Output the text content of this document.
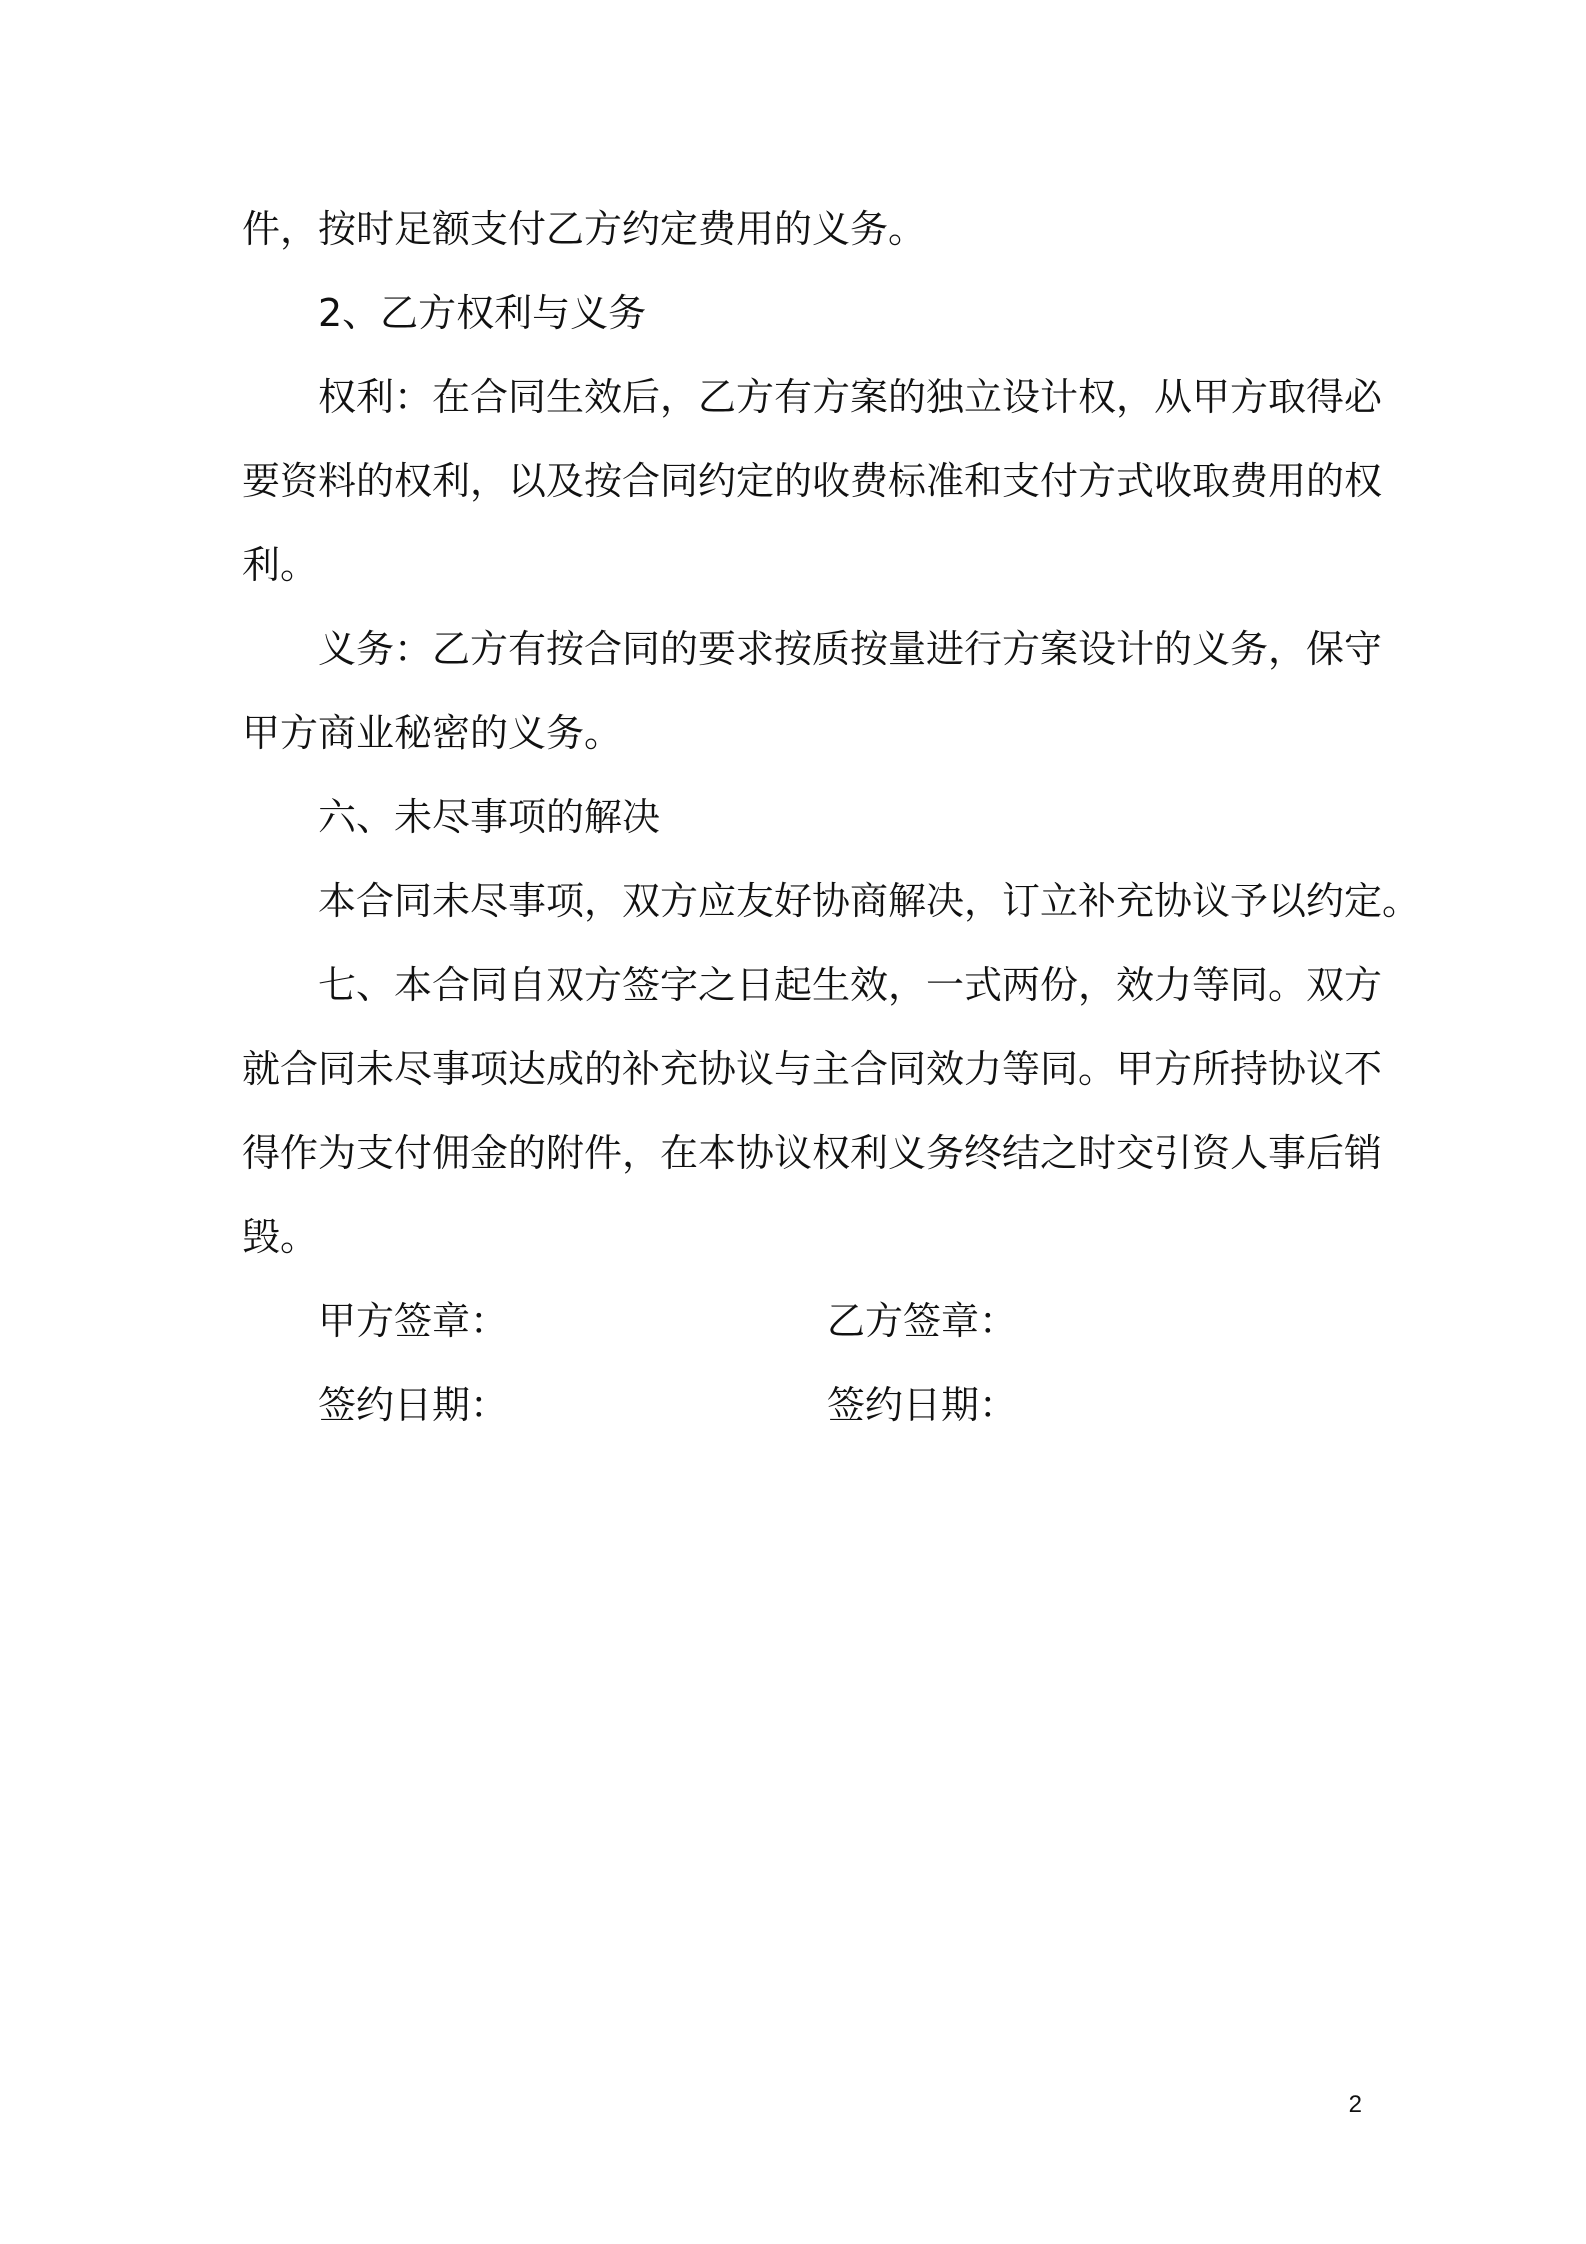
件，按时足额支付乙方约定费用的义务。
2、乙方权利与义务
权利：在合同生效后，乙方有方案的独立设计权，从甲方取得必
要资料的权利，以及按合同约定的收费标准和支付方式收取费用的权
利。
义务：乙方有按合同的要求按质按量进行方案设计的义务，保守
甲方商业秘密的义务。
六、未尽事项的解决
本合同未尽事项，双方应友好协商解决，订立补充协议予以约定。
七、本合同自双方签字之日起生效，一式两份，效力等同。双方
就合同未尽事项达成的补充协议与主合同效力等同。甲方所持协议不
得作为支付佣金的附件，在本协议权利义务终结之时交引资人事后销
毁。
甲方签章：	乙方签章：
签约日期：	签约日期：
2
